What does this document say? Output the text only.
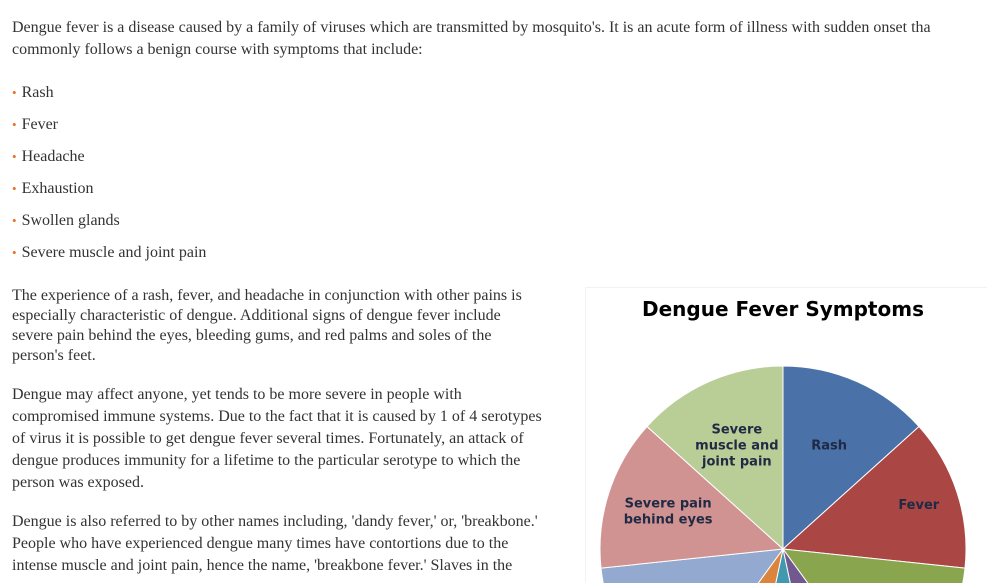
Dengue fever is a disease caused by a family of viruses which are transmitted by mosquito's. It is an acute form of illness with sudden onset tha
commonly follows a benign course with symptoms that include:

• Rash
• Fever
• Headache
• Exhaustion
• Swollen glands
• Severe muscle and joint pain

The experience of a rash, fever, and headache in conjunction with other pains is
especially characteristic of dengue. Additional signs of dengue fever include
severe pain behind the eyes, bleeding gums, and red palms and soles of the
person's feet.

Dengue may affect anyone, yet tends to be more severe in people with
compromised immune systems. Due to the fact that it is caused by 1 of 4 serotypes
of virus it is possible to get dengue fever several times. Fortunately, an attack of
dengue produces immunity for a lifetime to the particular serotype to which the
person was exposed.

Dengue is also referred to by other names including, 'dandy fever,' or, 'breakbone.'
People who have experienced dengue many times have contortions due to the
intense muscle and joint pain, hence the name, 'breakbone fever.' Slaves in the

Dengue Fever Symptoms
Rash
Fever
Severe pain behind eyes
Severe muscle and joint pain
